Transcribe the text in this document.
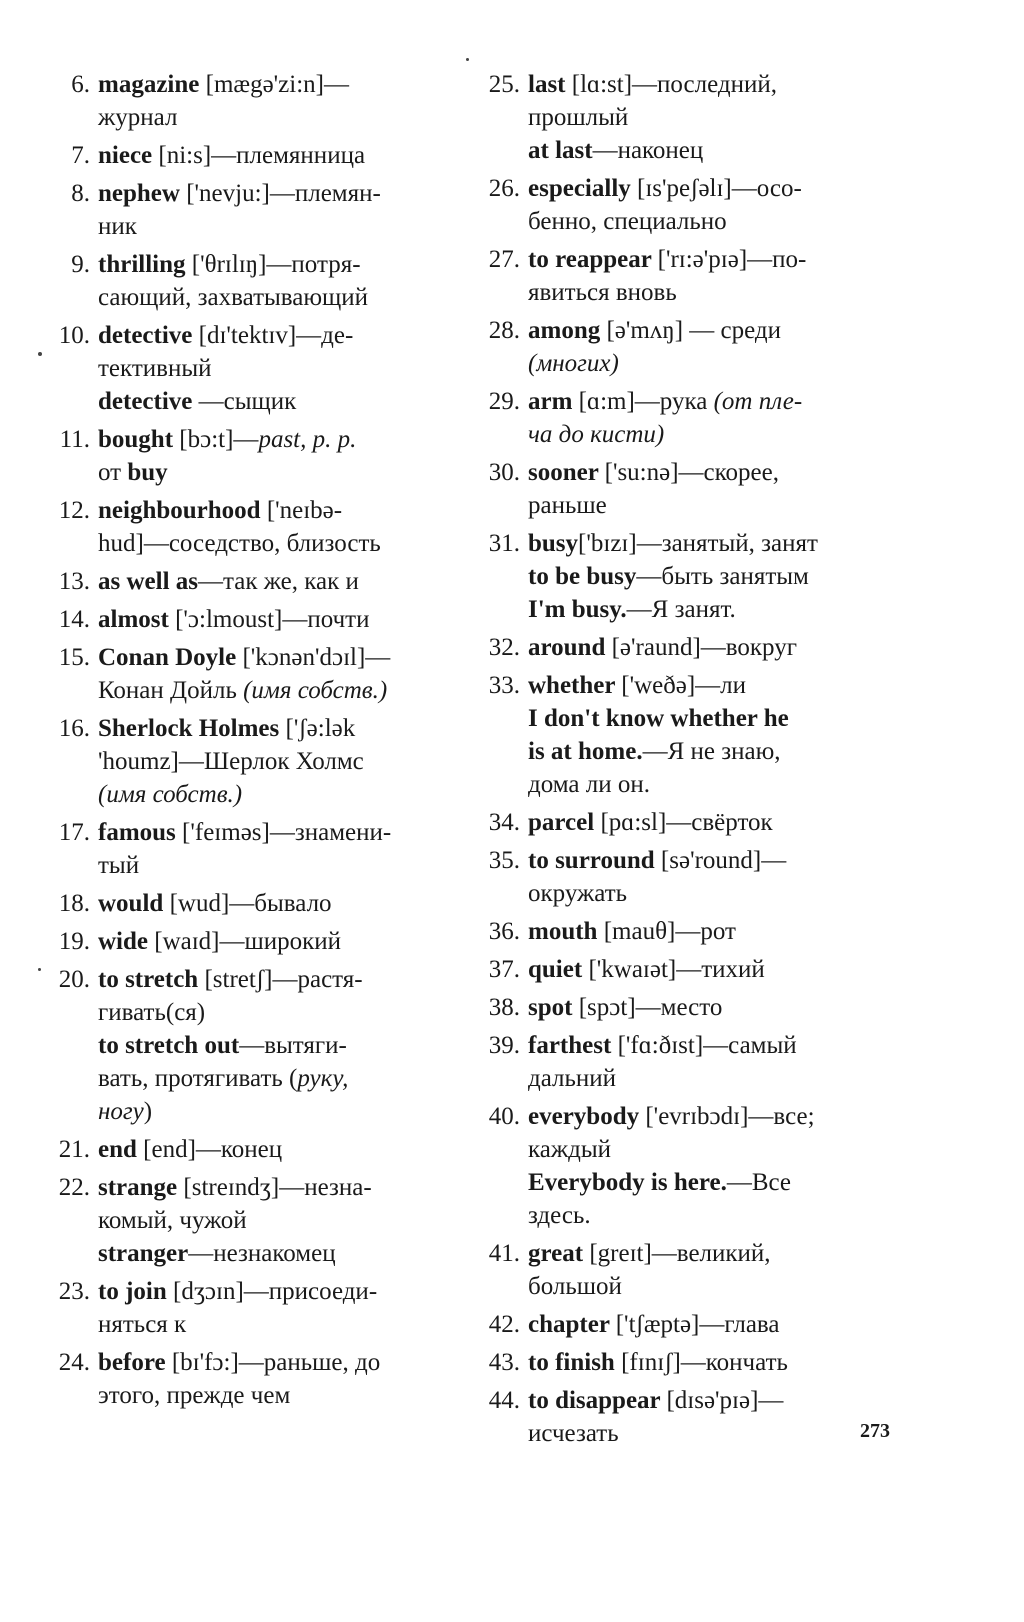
6. magazine [mægə'zi:n]—
журнал
7. niece [ni:s]—племянница
8. nephew ['nevju:]—племян-
ник
9. thrilling ['θrɪlɪŋ]—потря-
сающий, захватывающий
10. detective [dɪ'tektɪv]—де-
тективный
detective —сыщик
11. bought [bɔ:t]—past, p. p.
от buy
12. neighbourhood ['neɪbə-
hud]—соседство, близость
13. as well as—так же, как и
14. almost ['ɔ:lmoust]—почти
15. Conan Doyle ['kɔnən'dɔɪl]—
Конан Дойль (имя собств.)
16. Sherlock Holmes ['ʃə:lək
'houmz]—Шерлок Холмс
(имя собств.)
17. famous ['feɪməs]—знамени-
тый
18. would [wud]—бывало
19. wide [waɪd]—широкий
20. to stretch [stretʃ]—растя-
гивать(ся)
to stretch out—вытяги-
вать, протягивать (руку,
ногу)
21. end [end]—конец
22. strange [streɪndʒ]—незна-
комый, чужой
stranger—незнакомец
23. to join [dʒɔɪn]—присоеди-
няться к
24. before [bɪ'fɔ:]—раньше, до
этого, прежде чем
25. last [lɑ:st]—последний,
прошлый
at last—наконец
26. especially [ɪs'peʃəlɪ]—осо-
бенно, специально
27. to reappear ['rɪ:ə'pɪə]—по-
явиться вновь
28. among [ə'mʌŋ] — среди
(многих)
29. arm [ɑ:m]—рука (от пле-
ча до кисти)
30. sooner ['su:nə]—скорее,
раньше
31. busy['bɪzɪ]—занятый, занят
to be busy—быть занятым
I'm busy.—Я занят.
32. around [ə'raund]—вокруг
33. whether ['weðə]—ли
I don't know whether he
is at home.—Я не знаю,
дома ли он.
34. parcel [pɑ:sl]—свёрток
35. to surround [sə'round]—
окружать
36. mouth [mauθ]—рот
37. quiet ['kwaɪət]—тихий
38. spot [spɔt]—место
39. farthest ['fɑ:ðɪst]—самый
дальний
40. everybody ['evrɪbɔdɪ]—все;
каждый
Everybody is here.—Все
здесь.
41. great [greɪt]—великий,
большой
42. chapter ['tʃæptə]—глава
43. to finish [fɪnɪʃ]—кончать
44. to disappear [dɪsə'pɪə]—
исчезать	273
